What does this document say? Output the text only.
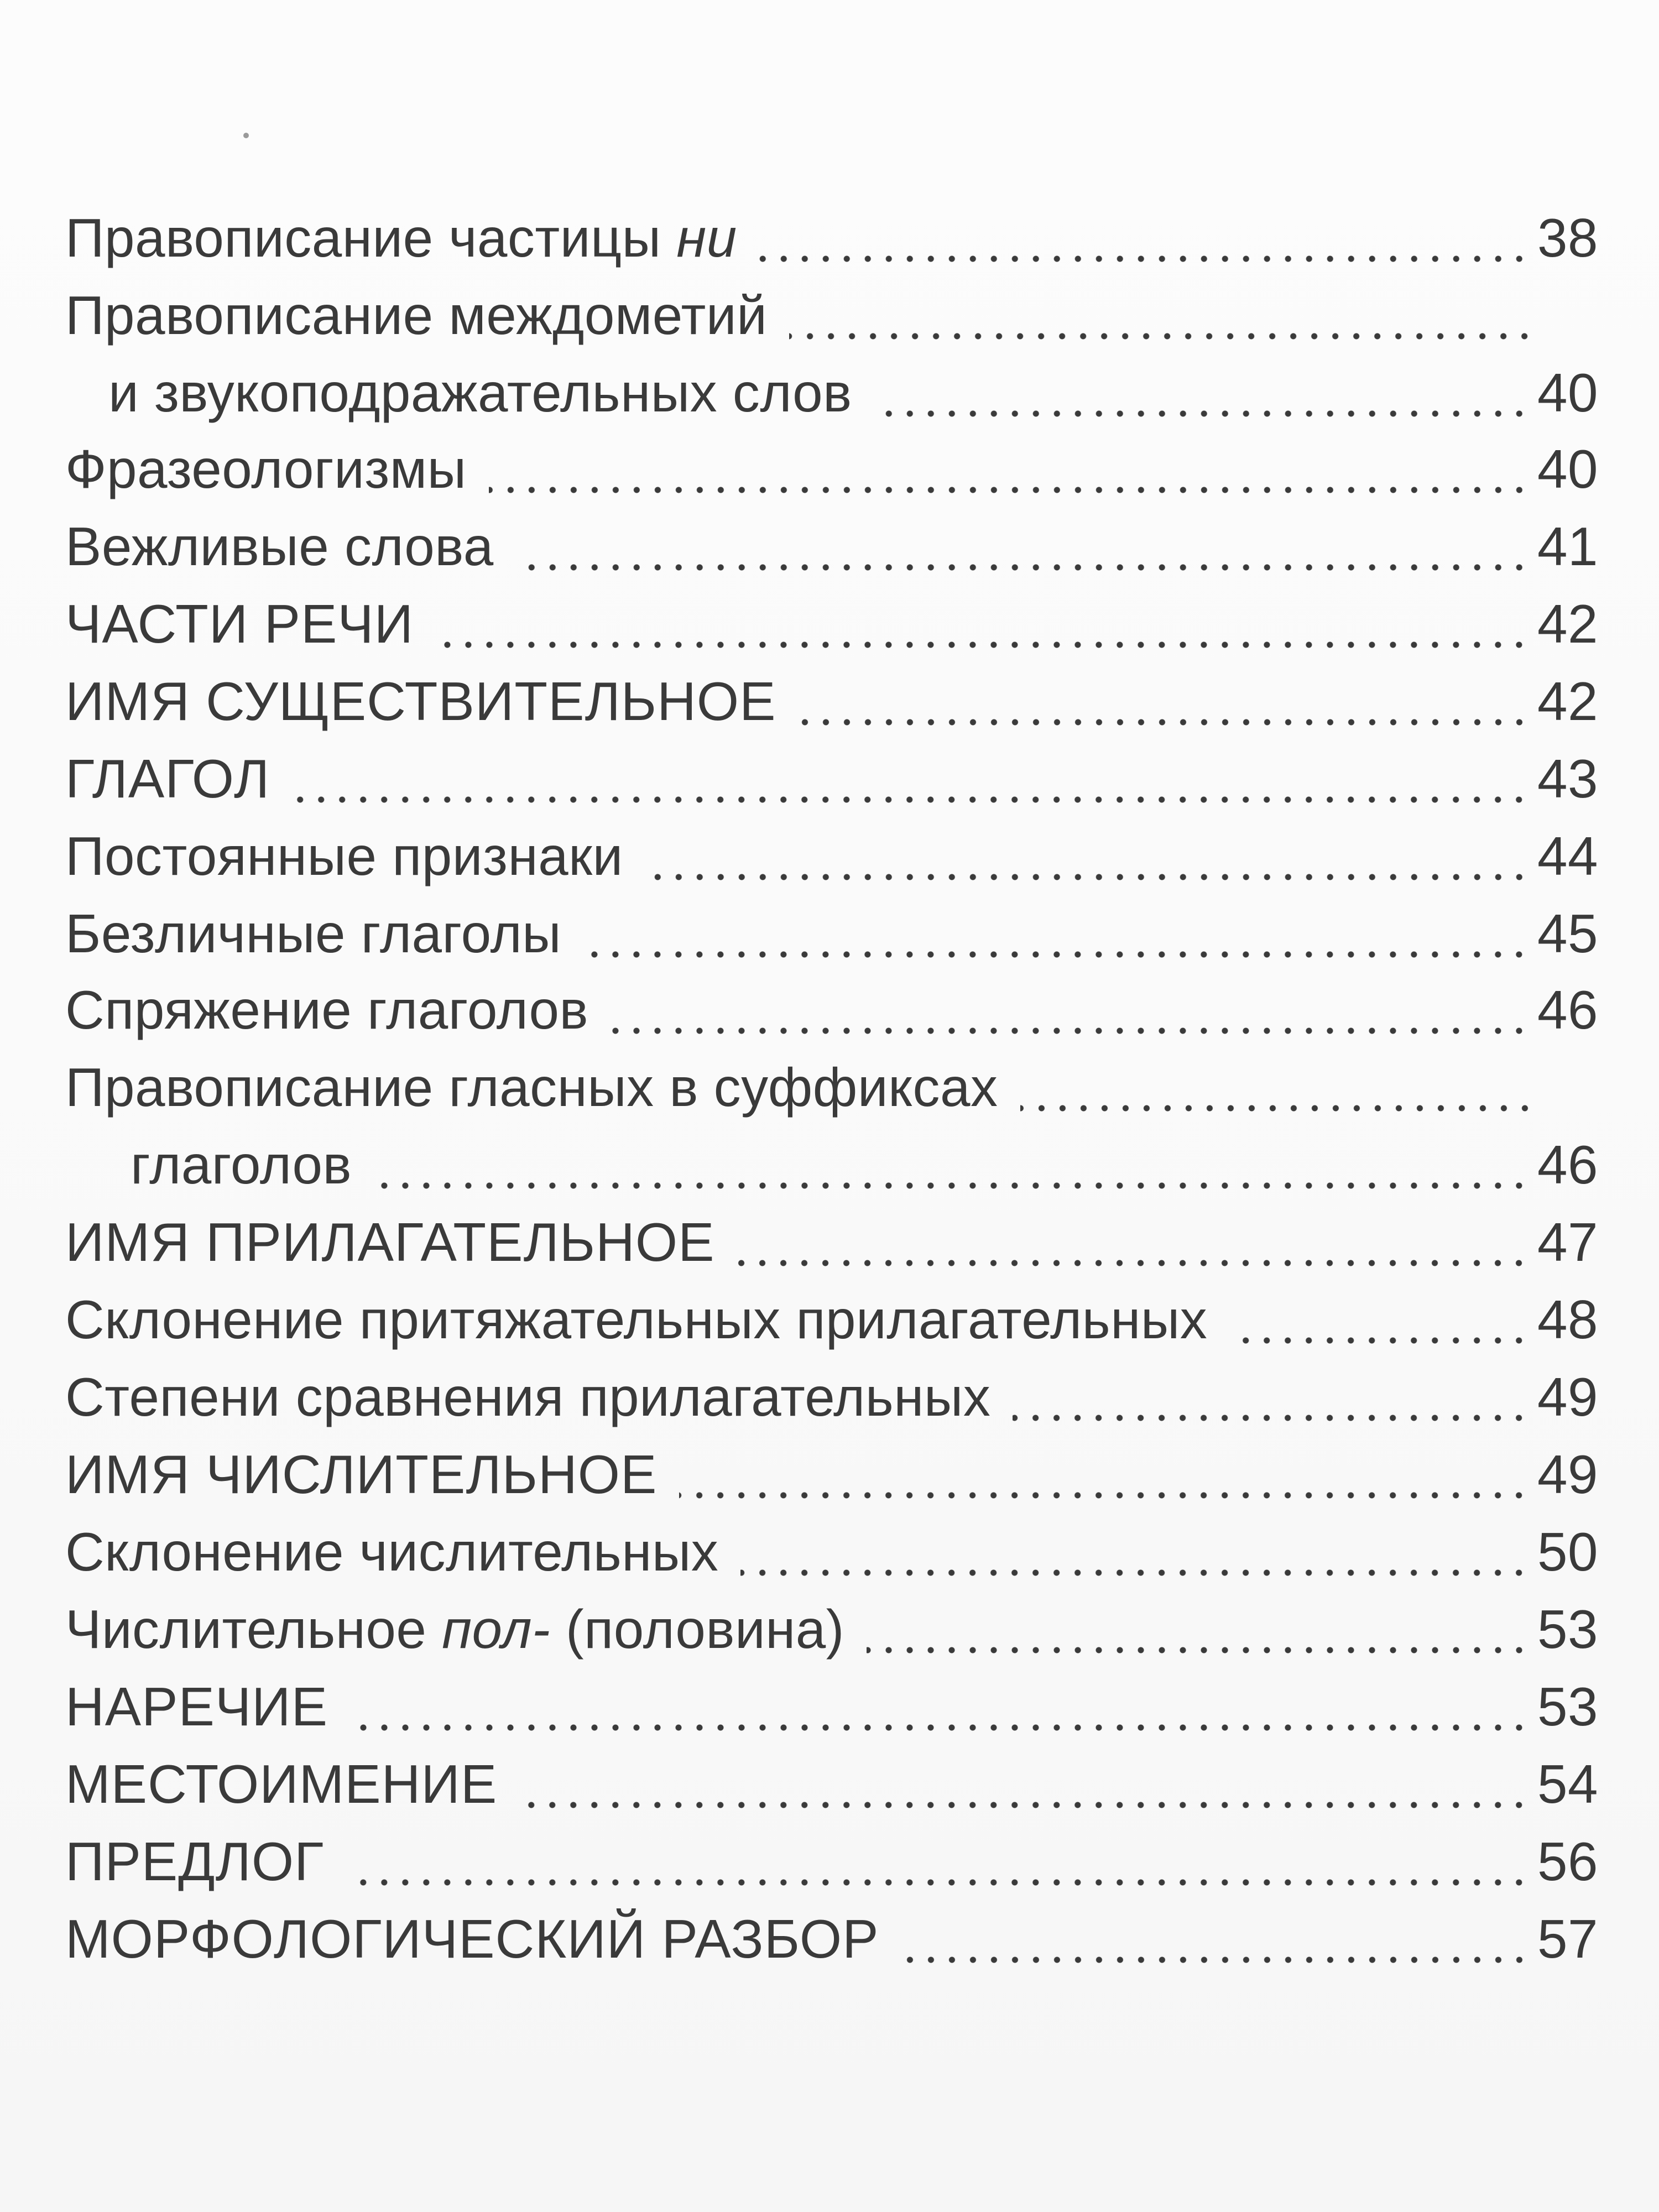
Правописание частицы ни	38
Правописание междометий
и звукоподражательных слов	40
Фразеологизмы	40
Вежливые слова	41
ЧАСТИ РЕЧИ	42
ИМЯ СУЩЕСТВИТЕЛЬНОЕ	42
ГЛАГОЛ	43
Постоянные признаки	44
Безличные глаголы	45
Спряжение глаголов	46
Правописание гласных в суффиксах
глаголов	46
ИМЯ ПРИЛАГАТЕЛЬНОЕ	47
Склонение притяжательных прилагательных	48
Степени сравнения прилагательных	49
ИМЯ ЧИСЛИТЕЛЬНОЕ	49
Склонение числительных	50
Числительное пол- (половина)	53
НАРЕЧИЕ	53
МЕСТОИМЕНИЕ	54
ПРЕДЛОГ	56
МОРФОЛОГИЧЕСКИЙ РАЗБОР	57
